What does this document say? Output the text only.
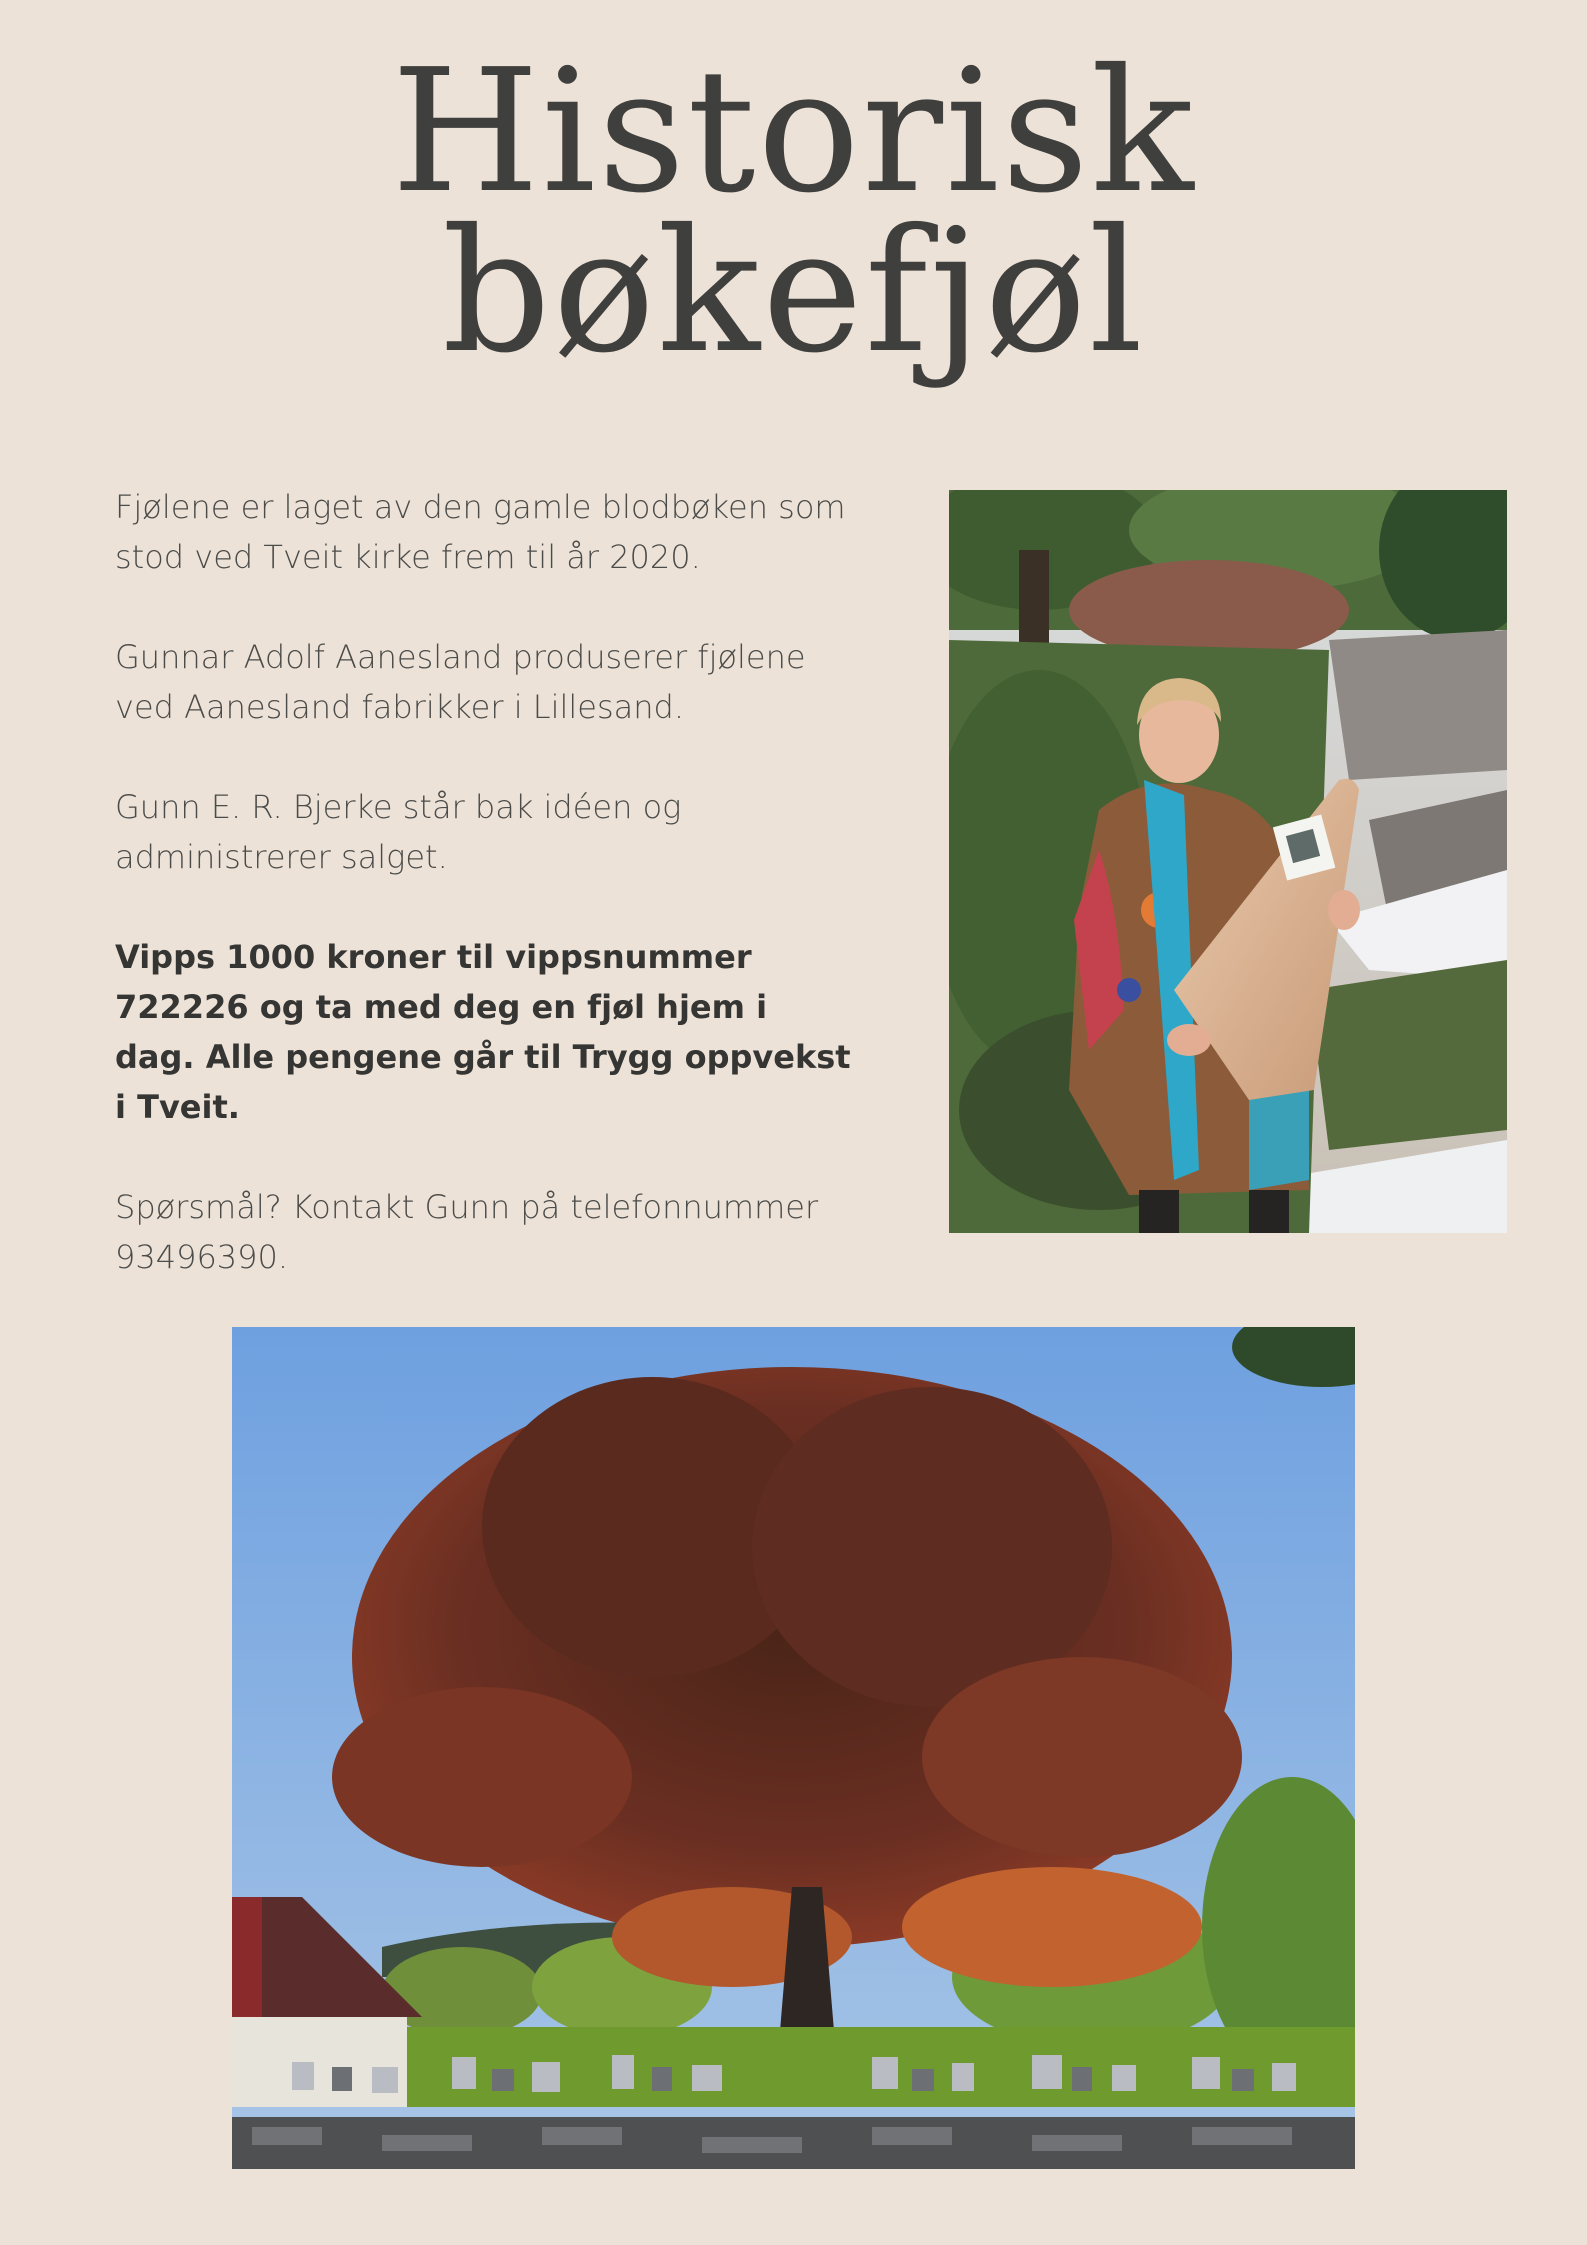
Historisk
bøkefjøl

Fjølene er laget av den gamle blodbøken som stod ved Tveit kirke frem til år 2020.

Gunnar Adolf Aanesland produserer fjølene ved Aanesland fabrikker i Lillesand.

Gunn E. R. Bjerke står bak idéen og administrerer salget.

Vipps 1000 kroner til vippsnummer 722226 og ta med deg en fjøl hjem i dag. Alle pengene går til Trygg oppvekst i Tveit.

Spørsmål? Kontakt Gunn på telefonnummer 93496390.
